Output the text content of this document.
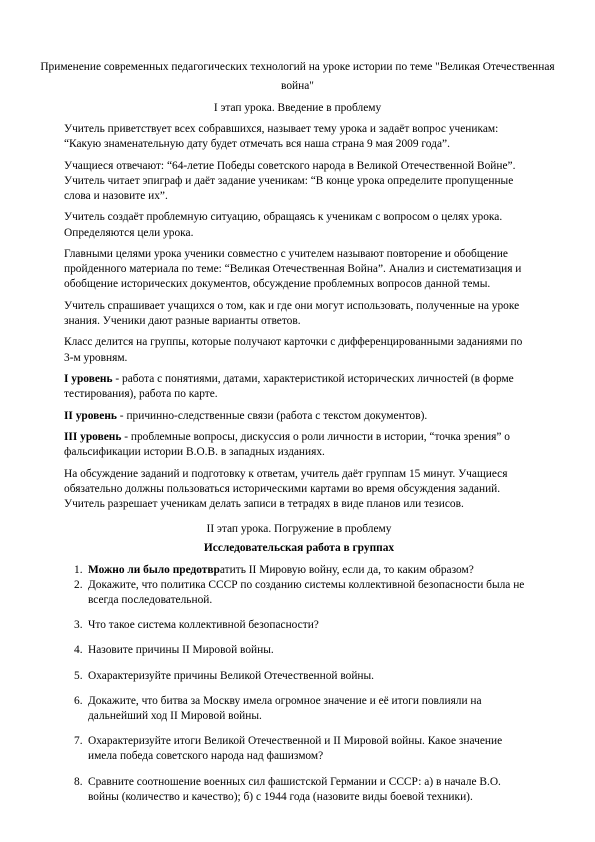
Применение современных педагогических технологий на уроке истории по теме "Великая Отечественная война"
I этап урока. Введение в проблему

Учитель приветствует всех собравшихся, называет тему урока и задаёт вопрос ученикам: “Какую знаменательную дату будет отмечать вся наша страна 9 мая 2009 года”.

Учащиеся отвечают: “64-летие Победы советского народа в Великой Отечественной Войне”. Учитель читает эпиграф и даёт задание ученикам: “В конце урока определите пропущенные слова и назовите их”.

Учитель создаёт проблемную ситуацию, обращаясь к ученикам с вопросом о целях урока. Определяются цели урока.

Главными целями урока ученики совместно с учителем называют повторение и обобщение пройденного материала по теме: “Великая Отечественная Война”. Анализ и систематизация и обобщение исторических документов, обсуждение проблемных вопросов данной темы.

Учитель спрашивает учащихся о том, как и где они могут использовать, полученные на уроке знания. Ученики дают разные варианты ответов.

Класс делится на группы, которые получают карточки с дифференцированными заданиями по 3-м уровням.

I уровень - работа с понятиями, датами, характеристикой исторических личностей (в форме тестирования), работа по карте.

II уровень - причинно-следственные связи (работа с текстом документов).

III уровень - проблемные вопросы, дискуссия о роли личности в истории, “точка зрения” о фальсификации истории В.О.В. в западных изданиях.

На обсуждение заданий и подготовку к ответам, учитель даёт группам 15 минут. Учащиеся обязательно должны пользоваться историческими картами во время обсуждения заданий. Учитель разрешает ученикам делать записи в тетрадях в виде планов или тезисов.

II этап урока. Погружение в проблему
Исследовательская работа в группах
1. Можно ли было предотвратить II Мировую войну, если да, то каким образом?
2. Докажите, что политика СССР по созданию системы коллективной безопасности была не всегда последовательной.
3. Что такое система коллективной безопасности?
4. Назовите причины II Мировой войны.
5. Охарактеризуйте причины Великой Отечественной войны.
6. Докажите, что битва за Москву имела огромное значение и её итоги повлияли на дальнейший ход II Мировой войны.
7. Охарактеризуйте итоги Великой Отечественной и II Мировой войны. Какое значение имела победа советского народа над фашизмом?
8. Сравните соотношение военных сил фашистской Германии и СССР: а) в начале В.О. войны (количество и качество); б) с 1944 года (назовите виды боевой техники).
